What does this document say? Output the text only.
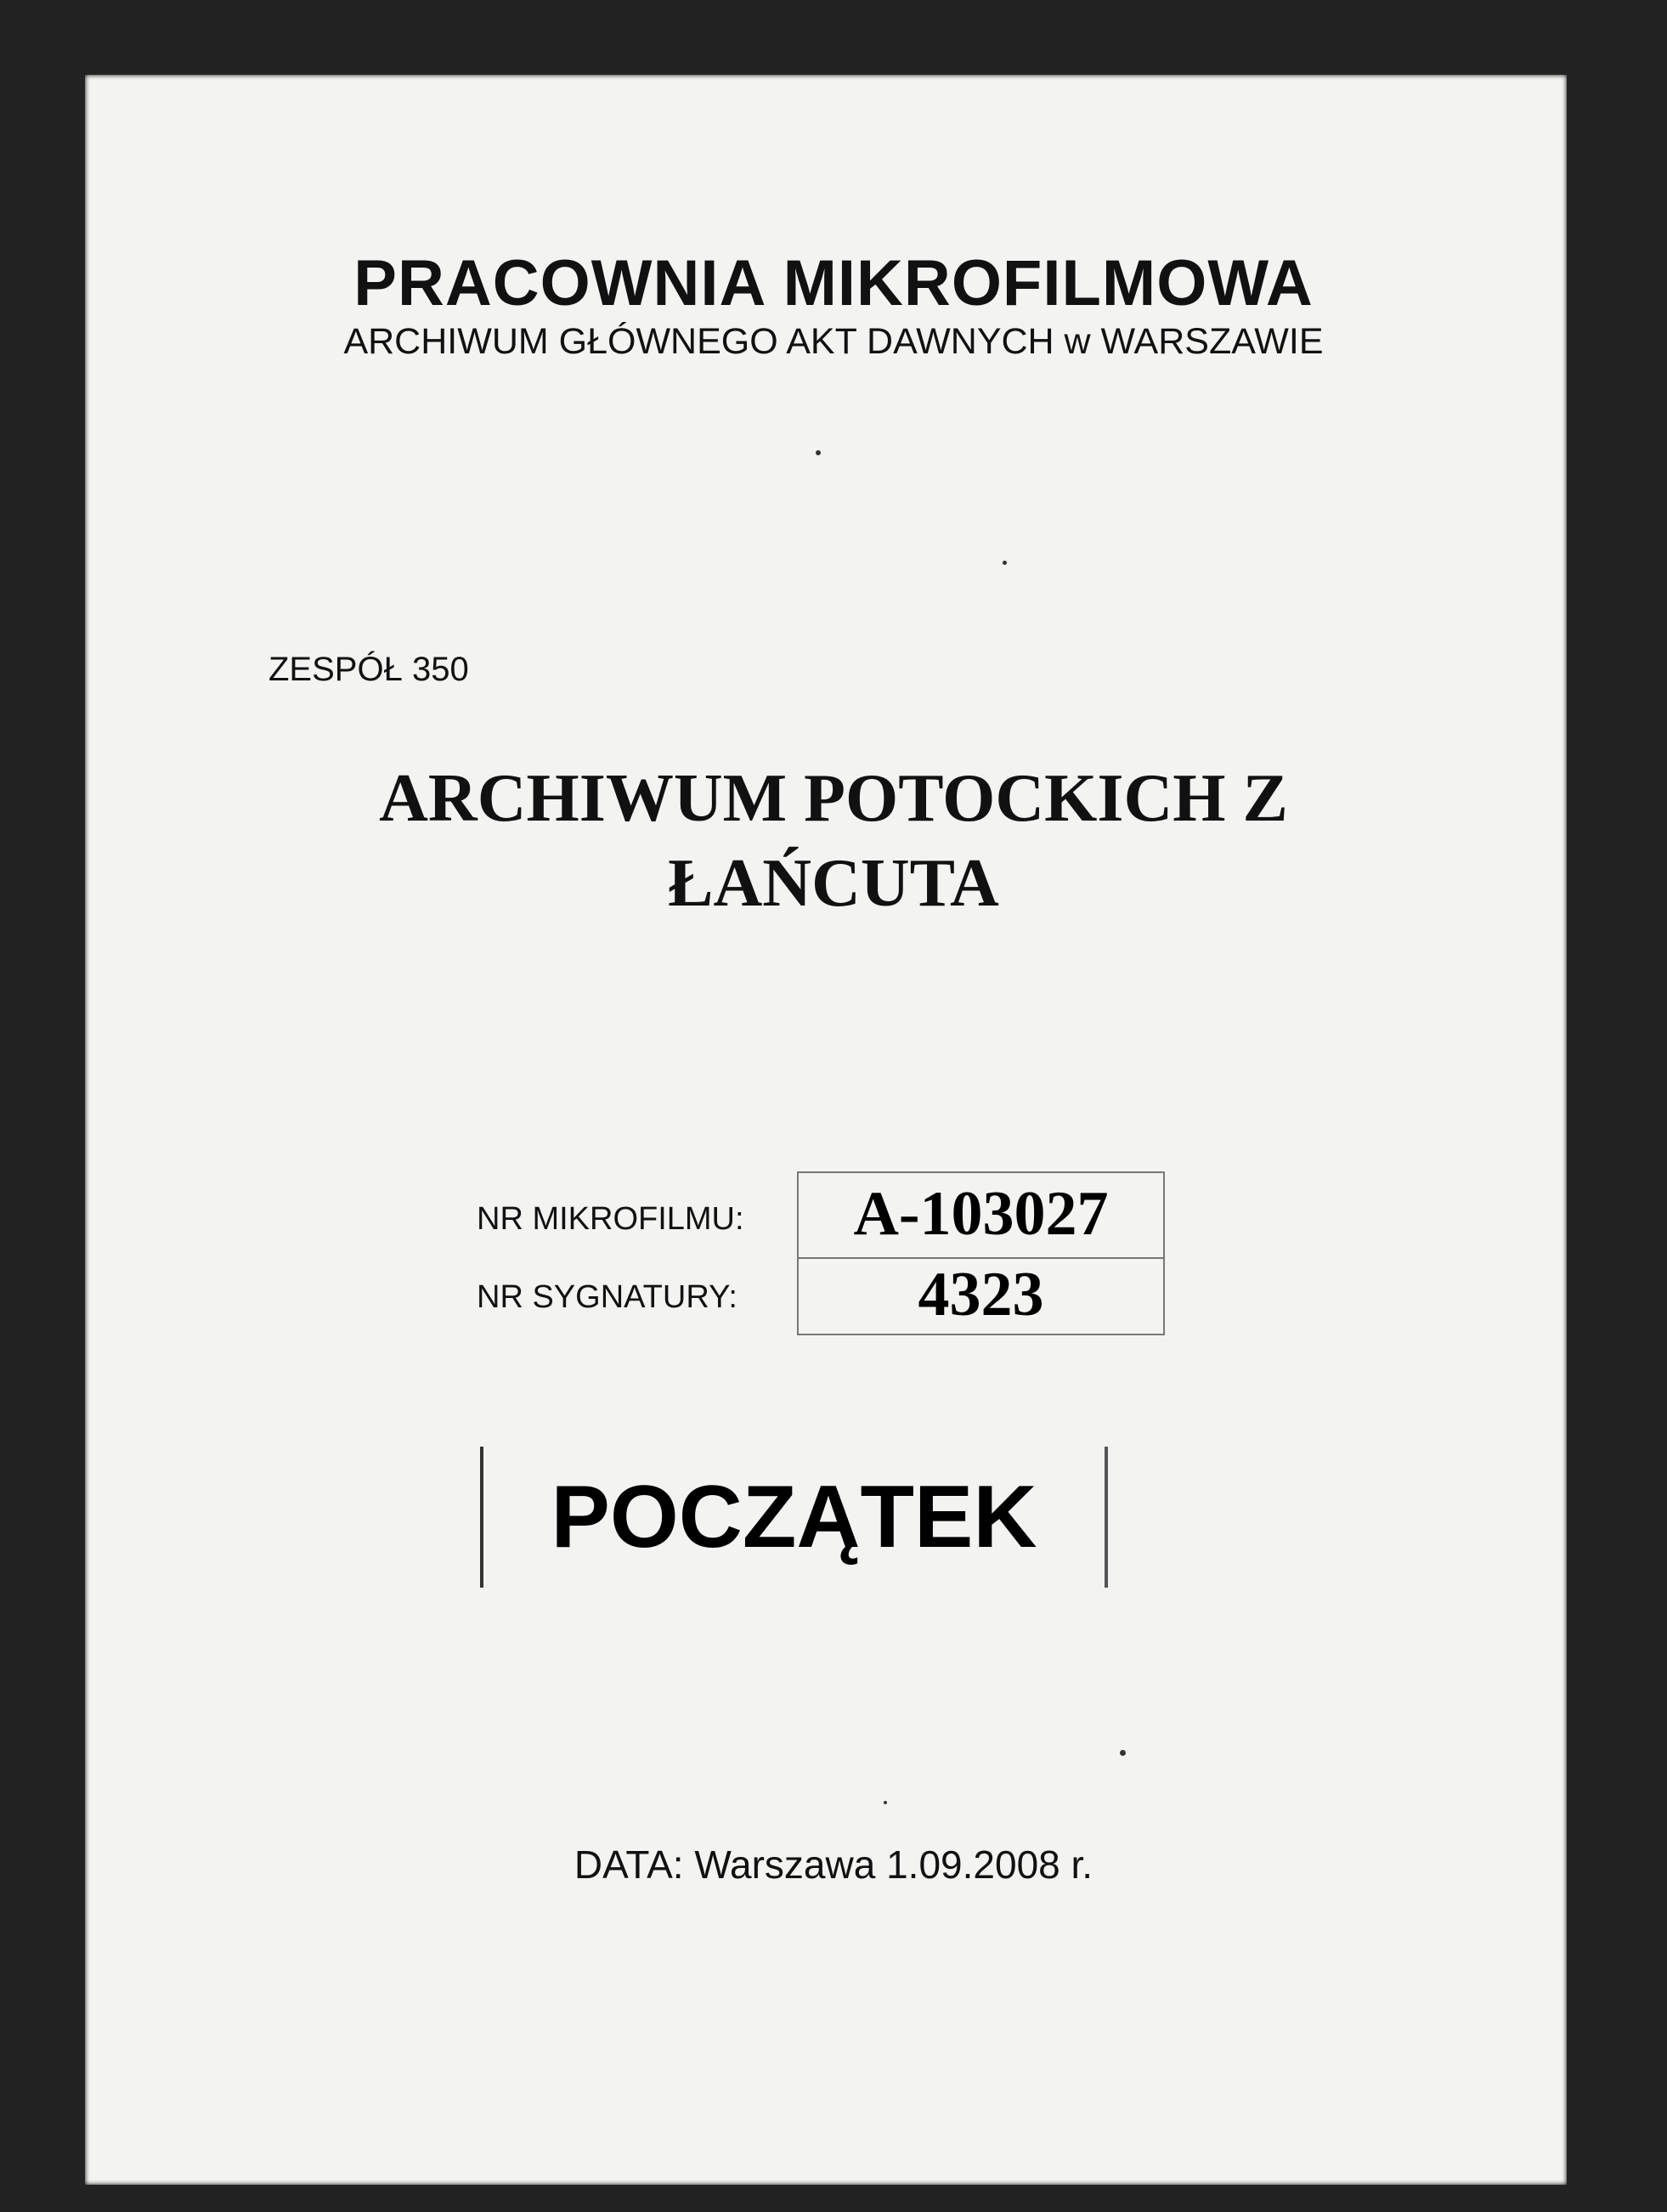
PRACOWNIA MIKROFILMOWA
ARCHIWUM GŁÓWNEGO AKT DAWNYCH w WARSZAWIE
ZESPÓŁ 350
ARCHIWUM POTOCKICH Z
ŁAŃCUTA
NR MIKROFILMU:	A-103027
NR SYGNATURY:	4323
POCZĄTEK
DATA: Warszawa 1.09.2008 r.
